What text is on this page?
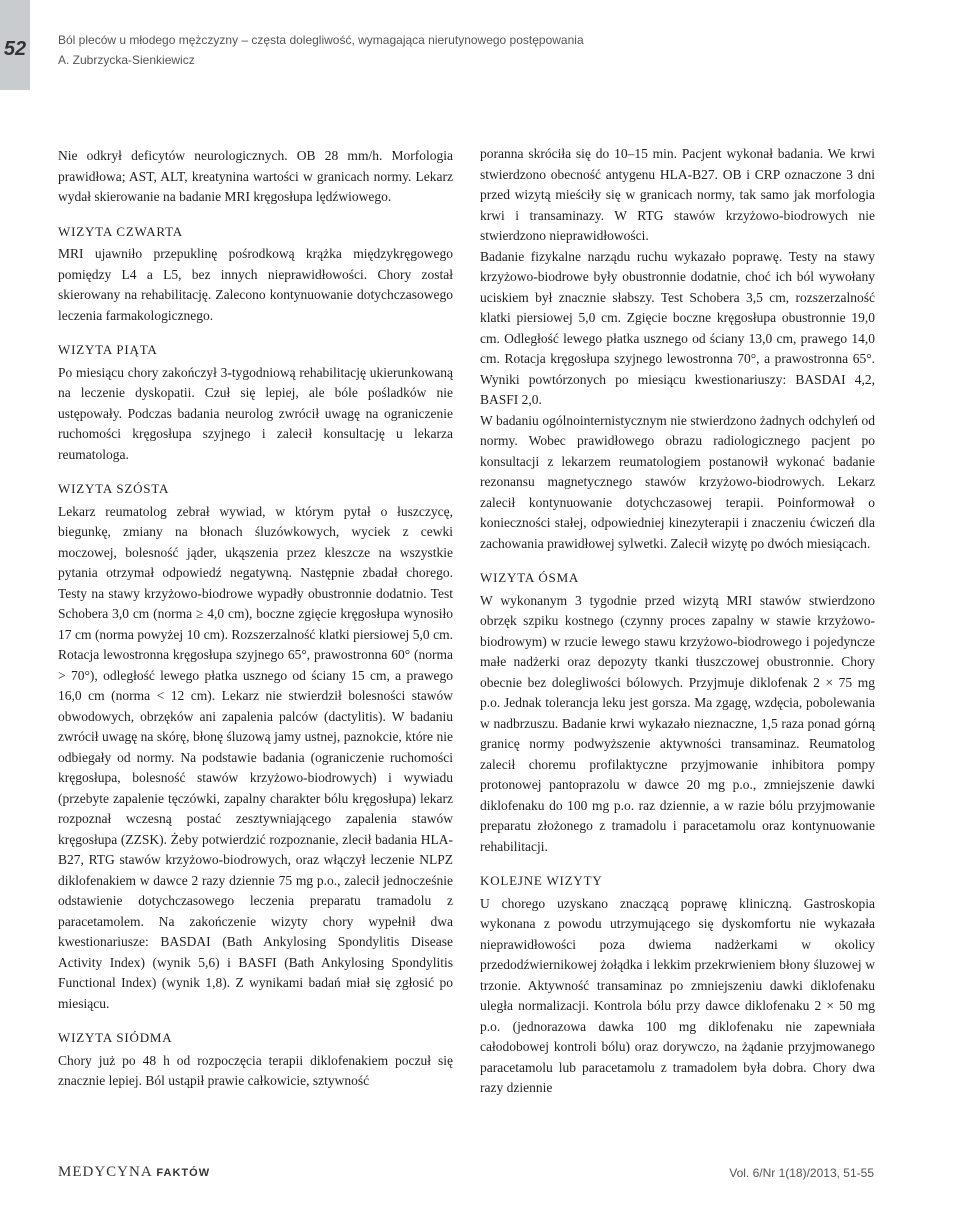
52	Ból pleców u młodego mężczyzny – częsta dolegliwość, wymagająca nierutynowego postępowania
A. Zubrzycka-Sienkiewicz

Nie odkrył deficytów neurologicznych. OB 28 mm/h. Morfologia prawidłowa; AST, ALT, kreatynina wartości w granicach normy. Lekarz wydał skierowanie na badanie MRI kręgosłupa lędźwiowego.

WIZYTA CZWARTA

MRI ujawniło przepuklinę pośrodkową krążka międzykręgowego pomiędzy L4 a L5, bez innych nieprawidłowości. Chory został skierowany na rehabilitację. Zalecono kontynuowanie dotychczasowego leczenia farmakologicznego.

WIZYTA PIĄTA

Po miesiącu chory zakończył 3-tygodniową rehabilitację ukierunkowaną na leczenie dyskopatii. Czuł się lepiej, ale bóle pośladków nie ustępowały. Podczas badania neurolog zwrócił uwagę na ograniczenie ruchomości kręgosłupa szyjnego i zalecił konsultację u lekarza reumatologa.

WIZYTA SZÓSTA

Lekarz reumatolog zebrał wywiad, w którym pytał o łuszczycę, biegunkę, zmiany na błonach śluzówkowych, wyciek z cewki moczowej, bolesność jąder, ukąszenia przez kleszcze na wszystkie pytania otrzymał odpowiedź negatywną. Następnie zbadał chorego. Testy na stawy krzyżowo-biodrowe wypadły obustronnie dodatnio. Test Schobera 3,0 cm (norma ≥ 4,0 cm), boczne zgięcie kręgosłupa wynosiło 17 cm (norma powyżej 10 cm). Rozszerzalność klatki piersiowej 5,0 cm. Rotacja lewostronna kręgosłupa szyjnego 65°, prawostronna 60° (norma > 70°), odległość lewego płatka usznego od ściany 15 cm, a prawego 16,0 cm (norma < 12 cm). Lekarz nie stwierdził bolesności stawów obwodowych, obrzęków ani zapalenia palców (dactylitis). W badaniu zwrócił uwagę na skórę, błonę śluzową jamy ustnej, paznokcie, które nie odbiegały od normy. Na podstawie badania (ograniczenie ruchomości kręgosłupa, bolesność stawów krzyżowo-biodrowych) i wywiadu (przebyte zapalenie tęczówki, zapalny charakter bólu kręgosłupa) lekarz rozpoznał wczesną postać zesztywniającego zapalenia stawów kręgosłupa (ZZSK). Żeby potwierdzić rozpoznanie, zlecił badania HLA-B27, RTG stawów krzyżowo-biodrowych, oraz włączył leczenie NLPZ diklofenakiem w dawce 2 razy dziennie 75 mg p.o., zalecił jednocześnie odstawienie dotychczasowego leczenia preparatu tramadolu z paracetamolem. Na zakończenie wizyty chory wypełnił dwa kwestionariusze: BASDAI (Bath Ankylosing Spondylitis Disease Activity Index) (wynik 5,6) i BASFI (Bath Ankylosing Spondylitis Functional Index) (wynik 1,8). Z wynikami badań miał się zgłosić po miesiącu.

WIZYTA SIÓDMA

Chory już po 48 h od rozpoczęcia terapii diklofenakiem poczuł się znacznie lepiej. Ból ustąpił prawie całkowicie, sztywność

poranna skróciła się do 10–15 min. Pacjent wykonał badania. We krwi stwierdzono obecność antygenu HLA-B27. OB i CRP oznaczone 3 dni przed wizytą mieściły się w granicach normy, tak samo jak morfologia krwi i transaminazy. W RTG stawów krzyżowo-biodrowych nie stwierdzono nieprawidłowości.

Badanie fizykalne narządu ruchu wykazało poprawę. Testy na stawy krzyżowo-biodrowe były obustronnie dodatnie, choć ich ból wywołany uciskiem był znacznie słabszy. Test Schobera 3,5 cm, rozszerzalność klatki piersiowej 5,0 cm. Zgięcie boczne kręgosłupa obustronnie 19,0 cm. Odległość lewego płatka usznego od ściany 13,0 cm, prawego 14,0 cm. Rotacja kręgosłupa szyjnego lewostronna 70°, a prawostronna 65°. Wyniki powtórzonych po miesiącu kwestionariuszy: BASDAI 4,2, BASFI 2,0.

W badaniu ogólnointernistycznym nie stwierdzono żadnych odchyleń od normy. Wobec prawidłowego obrazu radiologicznego pacjent po konsultacji z lekarzem reumatologiem postanowił wykonać badanie rezonansu magnetycznego stawów krzyżowo-biodrowych. Lekarz zalecił kontynuowanie dotychczasowej terapii. Poinformował o konieczności stałej, odpowiedniej kinezyterapii i znaczeniu ćwiczeń dla zachowania prawidłowej sylwetki. Zalecił wizytę po dwóch miesiącach.

WIZYTA ÓSMA

W wykonanym 3 tygodnie przed wizytą MRI stawów stwierdzono obrzęk szpiku kostnego (czynny proces zapalny w stawie krzyżowo-biodrowym) w rzucie lewego stawu krzyżowo-biodrowego i pojedyncze małe nadżerki oraz depozyty tkanki tłuszczowej obustronnie. Chory obecnie bez dolegliwości bólowych. Przyjmuje diklofenak 2 × 75 mg p.o. Jednak tolerancja leku jest gorsza. Ma zgagę, wzdęcia, pobolewania w nadbrzuszu. Badanie krwi wykazało nieznaczne, 1,5 raza ponad górną granicę normy podwyższenie aktywności transaminaz. Reumatolog zalecił choremu profilaktyczne przyjmowanie inhibitora pompy protonowej pantoprazolu w dawce 20 mg p.o., zmniejszenie dawki diklofenaku do 100 mg p.o. raz dziennie, a w razie bólu przyjmowanie preparatu złożonego z tramadolu i paracetamolu oraz kontynuowanie rehabilitacji.

KOLEJNE WIZYTY

U chorego uzyskano znaczącą poprawę kliniczną. Gastroskopia wykonana z powodu utrzymującego się dyskomfortu nie wykazała nieprawidłowości poza dwiema nadżerkami w okolicy przedodźwiernikowej żołądka i lekkim przekrwieniem błony śluzowej w trzonie. Aktywność transaminaz po zmniejszeniu dawki diklofenaku uległa normalizacji. Kontrola bólu przy dawce diklofenaku 2 × 50 mg p.o. (jednorazowa dawka 100 mg diklofenaku nie zapewniała całodobowej kontroli bólu) oraz dorywczo, na żądanie przyjmowanego paracetamolu lub paracetamolu z tramadolem była dobra. Chory dwa razy dziennie

MEDYCYNA FAKTÓW	Vol. 6/Nr 1(18)/2013, 51-55
